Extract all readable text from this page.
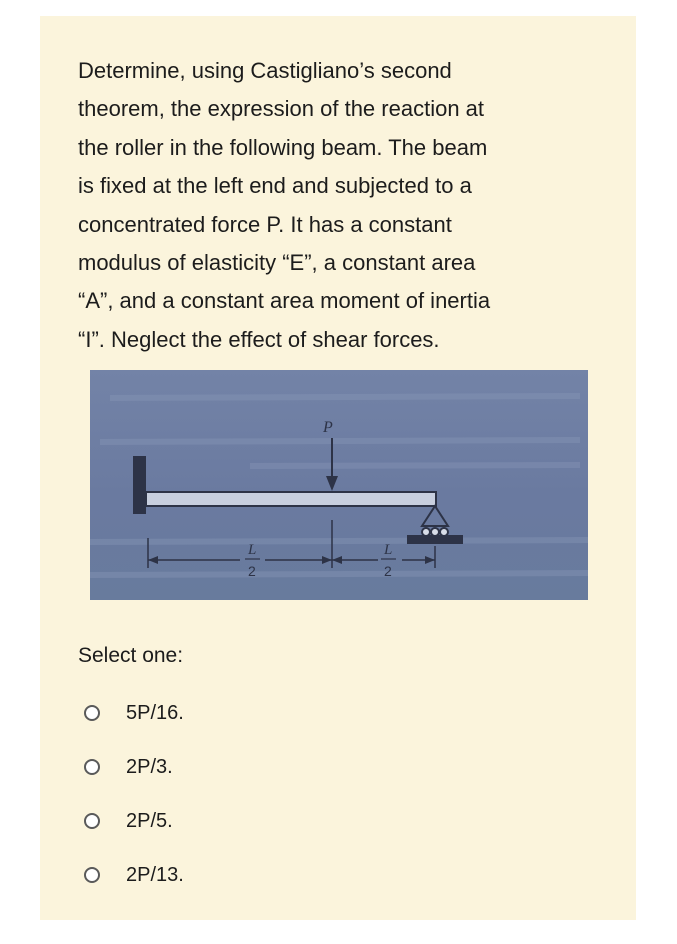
Determine, using Castigliano’s second
theorem, the expression of the reaction at
the roller in the following beam. The beam
is fixed at the left end and subjected to a
concentrated force P. It has a constant
modulus of elasticity “E”, a constant area
“A”, and a constant area moment of inertia
“I”. Neglect the effect of shear forces.

P
L
2
L
2

Select one:

5P/16.
2P/3.
2P/5.
2P/13.
